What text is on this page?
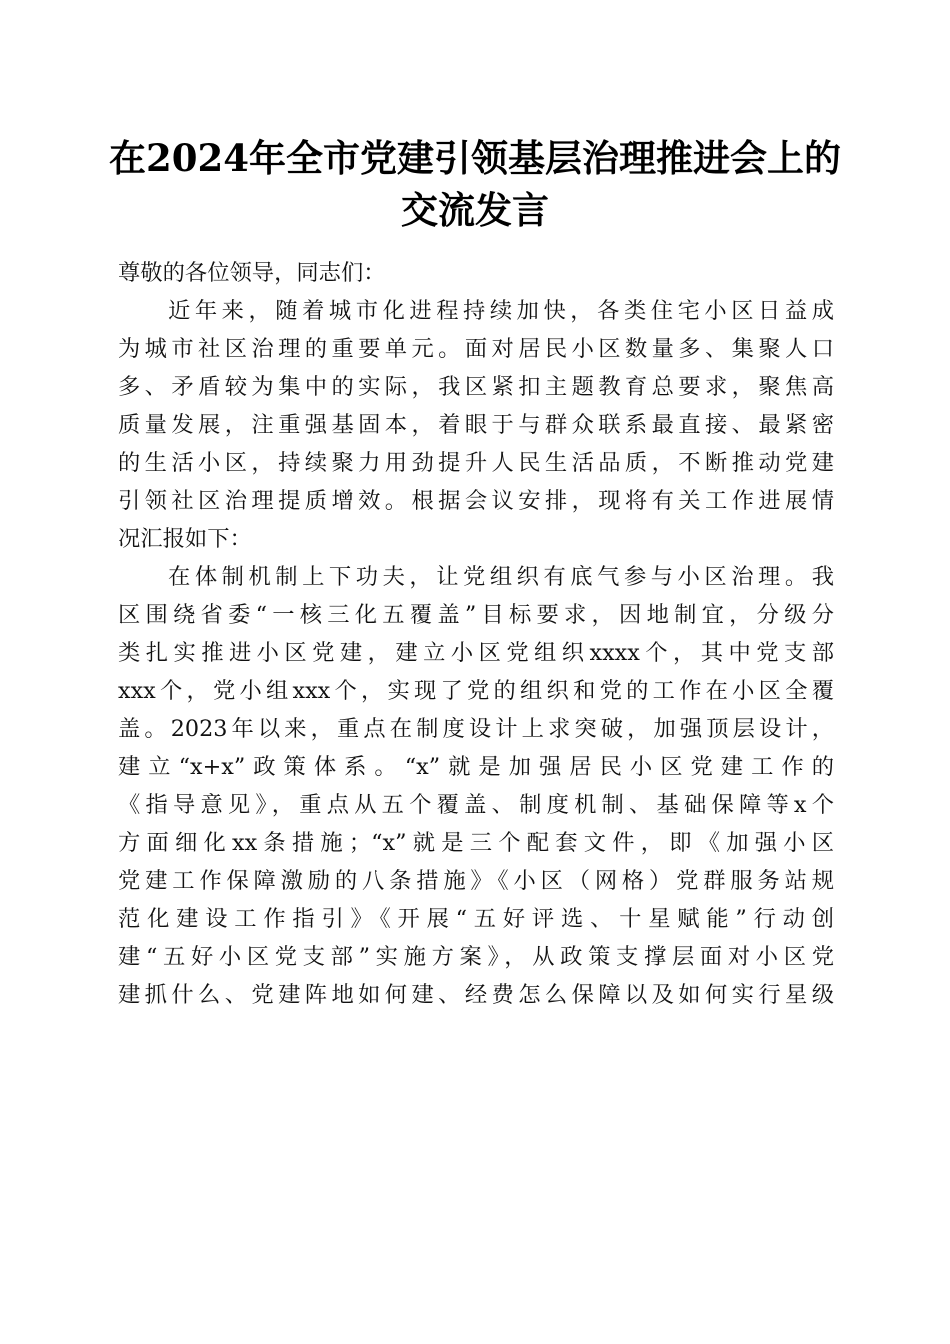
在2024年全市党建引领基层治理推进会上的
交流发言
尊敬的各位领导，同志们：
近年来，随着城市化进程持续加快，各类住宅小区日益成
为城市社区治理的重要单元。面对居民小区数量多、集聚人口
多、矛盾较为集中的实际，我区紧扣主题教育总要求，聚焦高
质量发展，注重强基固本，着眼于与群众联系最直接、最紧密
的生活小区，持续聚力用劲提升人民生活品质，不断推动党建
引领社区治理提质增效。根据会议安排，现将有关工作进展情
况汇报如下：
在体制机制上下功夫，让党组织有底气参与小区治理。我
区围绕省委“一核三化五覆盖”目标要求，因地制宜，分级分
类扎实推进小区党建，建立小区党组织xxxx个，其中党支部
xxx个，党小组xxx个，实现了党的组织和党的工作在小区全覆
盖。2023年以来，重点在制度设计上求突破，加强顶层设计，
建立“x+x”政策体系。“x”就是加强居民小区党建工作的
《指导意见》，重点从五个覆盖、制度机制、基础保障等x个
方面细化xx条措施；“x”就是三个配套文件，即《加强小区
党建工作保障激励的八条措施》《小区（网格）党群服务站规
范化建设工作指引》《开展“五好评选、十星赋能”行动创
建“五好小区党支部”实施方案》，从政策支撑层面对小区党
建抓什么、党建阵地如何建、经费怎么保障以及如何实行星级
